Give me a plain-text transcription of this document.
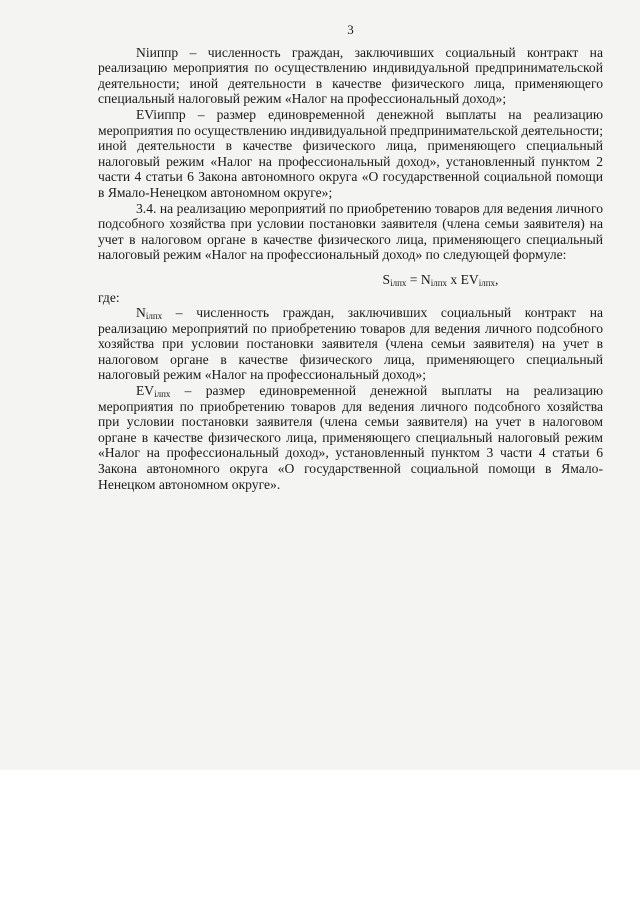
3

Niиппр – численность граждан, заключивших социальный контракт на реализацию мероприятия по осуществлению индивидуальной предпринимательской деятельности; иной деятельности в качестве физического лица, применяющего специальный налоговый режим «Налог на профессиональный доход»;

EViиппр – размер единовременной денежной выплаты на реализацию мероприятия по осуществлению индивидуальной предпринимательской деятельности; иной деятельности в качестве физического лица, применяющего специальный налоговый режим «Налог на профессиональный доход», установленный пунктом 2 части 4 статьи 6 Закона автономного округа «О государственной социальной помощи в Ямало-Ненецком автономном округе»;

3.4. на реализацию мероприятий по приобретению товаров для ведения личного подсобного хозяйства при условии постановки заявителя (члена семьи заявителя) на учет в налоговом органе в качестве физического лица, применяющего специальный налоговый режим «Налог на профессиональный доход» по следующей формуле:

$S_{iлпх} = N_{iлпх}$ x $EV_{iлпх}$,

где:

$N_{iлпх}$ – численность граждан, заключивших социальный контракт на реализацию мероприятий по приобретению товаров для ведения личного подсобного хозяйства при условии постановки заявителя (члена семьи заявителя) на учет в налоговом органе в качестве физического лица, применяющего специальный налоговый режим «Налог на профессиональный доход»;

$EV_{iлпх}$ – размер единовременной денежной выплаты на реализацию мероприятия по приобретению товаров для ведения личного подсобного хозяйства при условии постановки заявителя (члена семьи заявителя) на учет в налоговом органе в качестве физического лица, применяющего специальный налоговый режим «Налог на профессиональный доход», установленный пунктом 3 части 4 статьи 6 Закона автономного округа «О государственной социальной помощи в Ямало-Ненецком автономном округе».
